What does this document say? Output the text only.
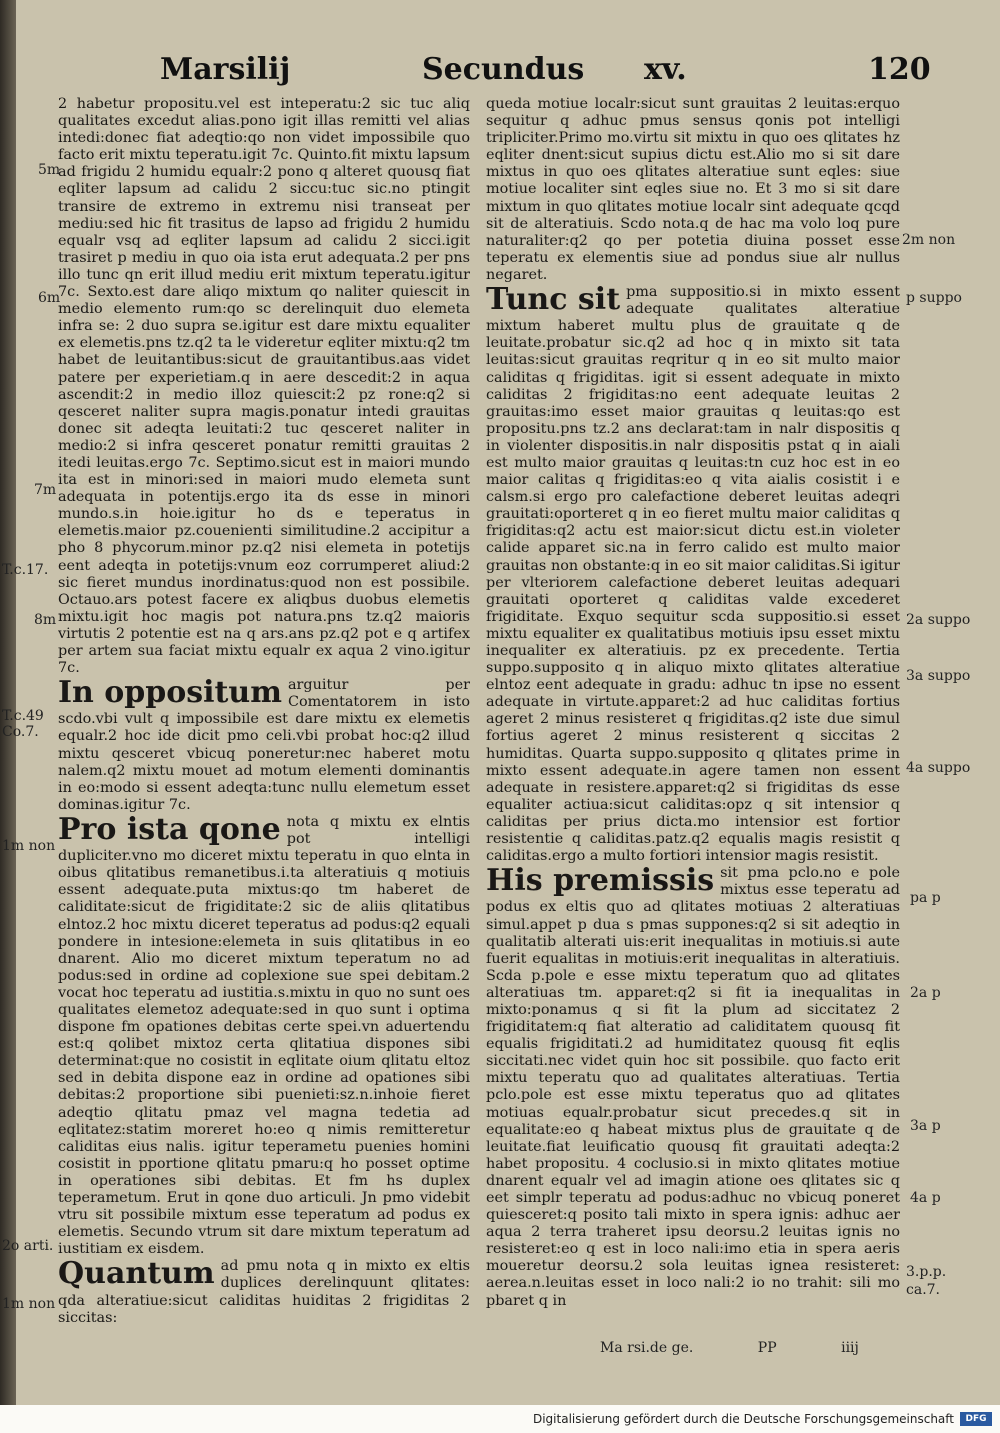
Marsilij	Secundus xv.	120
2 habetur propositu.vel est inteperatu:2 sic tuc aliq qualitates excedut alias.pono igit illas remitti vel alias intedi:donec fiat adeqtio:qo non videt impossibile quo facto erit mixtu teperatu.igit 7c. Quinto.fit mixtu lapsum ad frigidu 2 humidu equalr:2 pono q alteret quousq fiat eqliter lapsum ad calidu 2 siccu:tuc sic.no ptingit transire de extremo in extremu nisi transeat per mediu:sed hic fit trasitus de lapso ad frigidu 2 humidu equalr vsq ad eqliter lapsum ad calidu 2 sicci.igit trasiret p mediu in quo oia ista erut adequata.2 per pns illo tunc qn erit illud mediu erit mixtum teperatu.igitur 7c. Sexto.est dare aliqo mixtum qo naliter quiescit in medio elemento rum:qo sc derelinquit duo elemeta infra se: 2 duo supra se.igitur est dare mixtu equaliter ex elemetis.pns tz.q2 ta le videretur eqliter mixtu:q2 tm habet de leuitantibus:sicut de grauitantibus.aas videt patere per experietiam.q in aere descedit:2 in aqua ascendit:2 in medio illoz quiescit:2 pz rone:q2 si qesceret naliter supra magis.ponatur intedi grauitas donec sit adeqta leuitati:2 tuc qesceret naliter in medio:2 si infra qesceret ponatur remitti grauitas 2 itedi leuitas.ergo 7c. Septimo.sicut est in maiori mundo ita est in minori:sed in maiori mudo elemeta sunt adequata in potentijs.ergo ita ds esse in minori mundo.s.in hoie.igitur ho ds e teperatus in elemetis.maior pz.couenienti similitudine.2 accipitur a pho 8 phycorum.minor pz.q2 nisi elemeta in potetijs eent adeqta in potetijs:vnum eoz corrumperet aliud:2 sic fieret mundus inordinatus:quod non est possibile. Octauo.ars potest facere ex aliqbus duobus elemetis mixtu.igit hoc magis pot natura.pns tz.q2 maioris virtutis 2 potentie est na q ars.ans pz.q2 pot e q artifex per artem sua faciat mixtu equalr ex aqua 2 vino.igitur 7c.

In oppositum arguitur per Comentatorem in isto scdo.vbi vult q impossibile est dare mixtu ex elemetis equalr.2 hoc ide dicit pmo celi.vbi probat hoc:q2 illud mixtu qesceret vbicuq poneretur:nec haberet motu nalem.q2 mixtu mouet ad motum elementi dominantis in eo:modo si essent adeqta:tunc nullu elemetum esset dominas.igitur 7c.

Pro ista qone nota q mixtu ex elntis pot intelligi dupliciter.vno mo diceret mixtu teperatu in quo elnta in oibus qlitatibus remanetibus.i.ta alteratiuis q motiuis essent adequate.puta mixtus:qo tm haberet de caliditate:sicut de frigiditate:2 sic de aliis qlitatibus elntoz.2 hoc mixtu diceret teperatus ad podus:q2 equali pondere in intesione:elemeta in suis qlitatibus in eo dnarent. Alio mo diceret mixtum teperatum no ad podus:sed in ordine ad coplexione sue spei debitam.2 vocat hoc teperatu ad iustitia.s.mixtu in quo no sunt oes qualitates elemetoz adequate:sed in quo sunt i optima dispone fm opationes debitas certe spei.vn aduertendu est:q qolibet mixtoz certa qlitatiua dispones sibi determinat:que no cosistit in eqlitate oium qlitatu eltoz sed in debita dispone eaz in ordine ad opationes sibi debitas:2 proportione sibi puenieti:sz.n.inhoie fieret adeqtio qlitatu pmaz vel magna tedetia ad eqlitatez:statim moreret ho:eo q nimis remitteretur caliditas eius nalis. igitur teperametu puenies homini cosistit in pportione qlitatu pmaru:q ho posset optime in operationes sibi debitas. Et fm hs duplex teperametum. Erut in qone duo articuli. Jn pmo videbit vtru sit possibile mixtum esse teperatum ad podus ex elemetis. Secundo vtrum sit dare mixtum teperatum ad iustitiam ex eisdem.

Quantum ad pmu nota q in mixto ex eltis duplices derelinquunt qlitates: qda alteratiue:sicut caliditas huiditas 2 frigiditas 2 siccitas:
queda motiue localr:sicut sunt grauitas 2 leuitas:erquo sequitur q adhuc pmus sensus qonis pot intelligi tripliciter.Primo mo.virtu sit mixtu in quo oes qlitates hz eqliter dnent:sicut supius dictu est.Alio mo si sit dare mixtus in quo oes qlitates alteratiue sunt eqles: siue motiue localiter sint eqles siue no. Et 3 mo si sit dare mixtum in quo qlitates motiue localr sint adequate qcqd sit de alteratiuis. Scdo nota.q de hac ma volo loq pure naturaliter:q2 qo per potetia diuina posset esse teperatu ex elementis siue ad pondus siue alr nullus negaret.

Tunc sit pma suppositio.si in mixto essent adequate qualitates alteratiue mixtum haberet multu plus de grauitate q de leuitate.probatur sic.q2 ad hoc q in mixto sit tata leuitas:sicut grauitas reqritur q in eo sit multo maior caliditas q frigiditas. igit si essent adequate in mixto caliditas 2 frigiditas:no eent adequate leuitas 2 grauitas:imo esset maior grauitas q leuitas:qo est propositu.pns tz.2 ans declarat:tam in nalr dispositis q in violenter dispositis.in nalr dispositis pstat q in aiali est multo maior grauitas q leuitas:tn cuz hoc est in eo maior calitas q frigiditas:eo q vita aialis cosistit i e calsm.si ergo pro calefactione deberet leuitas adeqri grauitati:oporteret q in eo fieret multu maior caliditas q frigiditas:q2 actu est maior:sicut dictu est.in violeter calide apparet sic.na in ferro calido est multo maior grauitas non obstante:q in eo sit maior caliditas.Si igitur per vlteriorem calefactione deberet leuitas adequari grauitati oporteret q caliditas valde excederet frigiditate. Exquo sequitur scda suppositio.si esset mixtu equaliter ex qualitatibus motiuis ipsu esset mixtu inequaliter ex alteratiuis. pz ex precedente. Tertia suppo.supposito q in aliquo mixto qlitates alteratiue elntoz eent adequate in gradu: adhuc tn ipse no essent adequate in virtute.apparet:2 ad huc caliditas fortius ageret 2 minus resisteret q frigiditas.q2 iste due simul fortius ageret 2 minus resisterent q siccitas 2 humiditas. Quarta suppo.supposito q qlitates prime in mixto essent adequate.in agere tamen non essent adequate in resistere.apparet:q2 si frigiditas ds esse equaliter actiua:sicut caliditas:opz q sit intensior q caliditas per prius dicta.mo intensior est fortior resistentie q caliditas.patz.q2 equalis magis resistit q caliditas.ergo a multo fortiori intensior magis resistit.

His premissis sit pma pclo.no e pole mixtus esse teperatu ad podus ex eltis quo ad qlitates motiuas 2 alteratiuas simul.appet p dua s pmas suppones:q2 si sit adeqtio in qualitatib alterati uis:erit inequalitas in motiuis.si aute fuerit equalitas in motiuis:erit inequalitas in alteratiuis. Scda p.pole e esse mixtu teperatum quo ad qlitates alteratiuas tm. apparet:q2 si fit ia inequalitas in mixto:ponamus q si fit la plum ad siccitatez 2 frigiditatem:q fiat alteratio ad caliditatem quousq fit equalis frigiditati.2 ad humiditatez quousq fit eqlis siccitati.nec videt quin hoc sit possibile. quo facto erit mixtu teperatu quo ad qualitates alteratiuas. Tertia pclo.pole est esse mixtu teperatus quo ad qlitates motiuas equalr.probatur sicut precedes.q sit in equalitate:eo q habeat mixtus plus de grauitate q de leuitate.fiat leuificatio quousq fit grauitati adeqta:2 habet propositu. 4 coclusio.si in mixto qlitates motiue dnarent equalr vel ad imagin atione oes qlitates sic q eet simplr teperatu ad podus:adhuc no vbicuq poneret quiesceret:q posito tali mixto in spera ignis: adhuc aer aqua 2 terra traheret ipsu deorsu.2 leuitas ignis no resisteret:eo q est in loco nali:imo etia in spera aeris moueretur deorsu.2 sola leuitas ignea resisteret: aerea.n.leuitas esset in loco nali:2 io no trahit: sili mo pbaret q in
5m
6m
7m
T.c.17.
8m
T.c.49
Co.7.
1m non
2o arti.
1m non
2m non
p suppo
2a suppo
3a suppo
4a suppo
pa p
2a p
3a p
4a p
3.p.p.
ca.7.
Ma rsi.de ge.	PP	iiij
Digitalisierung gefördert durch die Deutsche Forschungsgemeinschaft	DFG
